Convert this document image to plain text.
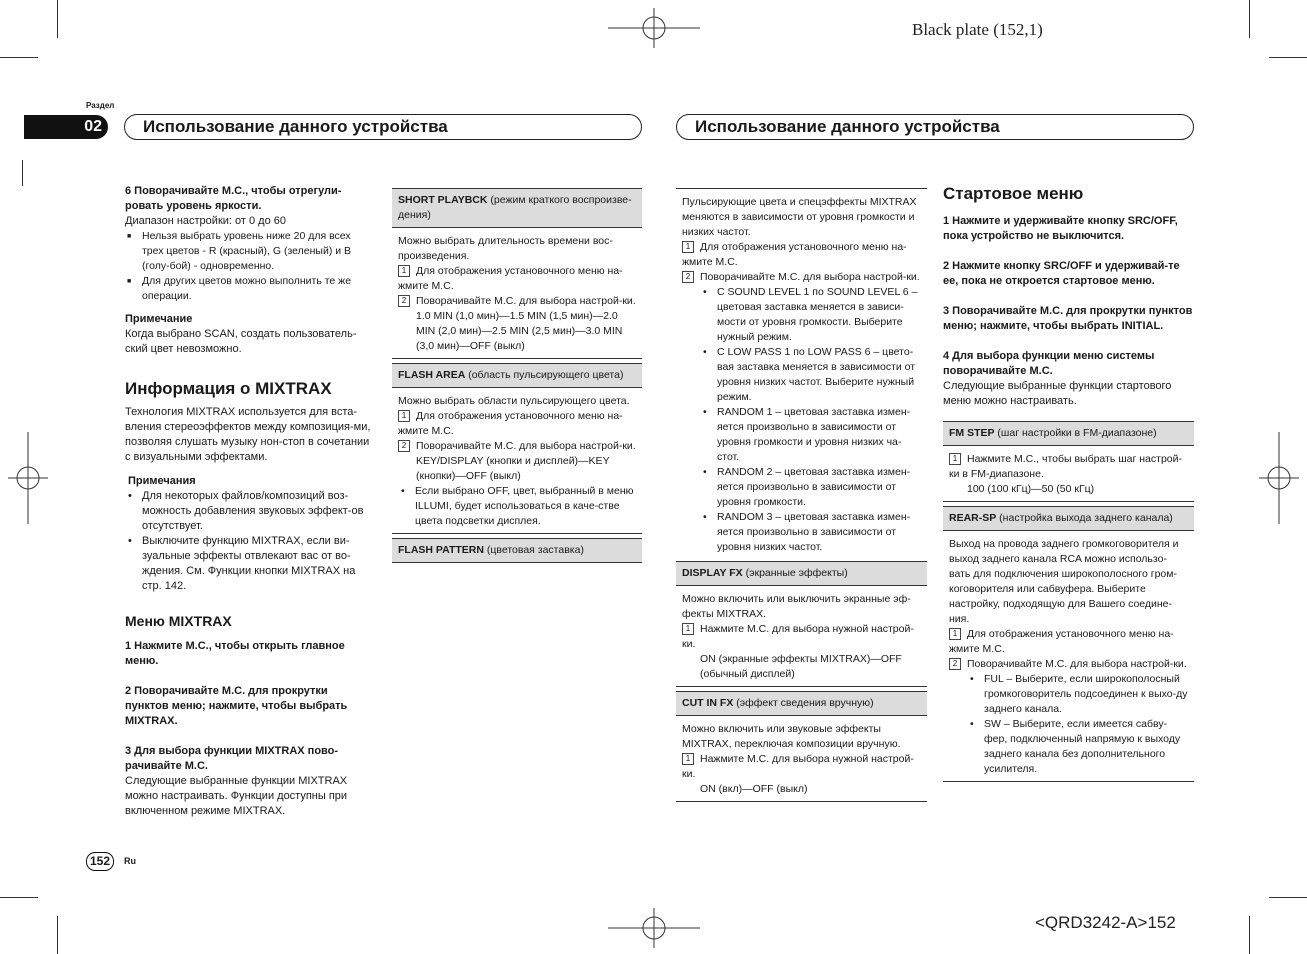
Black plate (152,1)
<QRD3242-A>152
Раздел
02	Использование данного устройства	Использование данного устройства

6 Поворачивайте M.C., чтобы отрегули-ровать уровень яркости.

Диапазон настройки: от 0 до 60

■ Нельзя выбрать уровень ниже 20 для всех трех цветов - R (красный), G (зеленый) и B (голу-бой) - одновременно.
■ Для других цветов можно выполнить те же операции.

Примечание

Когда выбрано SCAN, создать пользователь-ский цвет невозможно.

Информация о MIXTRAX

Технология MIXTRAX используется для вста-вления стереоэффектов между композиция-ми, позволяя слушать музыку нон-стоп в сочетании с визуальными эффектами.

Примечания

• Для некоторых файлов/композиций воз-можность добавления звуковых эффект-ов отсутствует.
• Выключите функцию MIXTRAX, если ви-зуальные эффекты отвлекают вас от во-ждения. См. Функции кнопки MIXTRAX на стр. 142.

Меню MIXTRAX

1 Нажмите M.C., чтобы открыть главное меню.

2 Поворачивайте M.C. для прокрутки пунктов меню; нажмите, чтобы выбрать MIXTRAX.

3 Для выбора функции MIXTRAX пово-рачивайте M.C.

Следующие выбранные функции MIXTRAX можно настраивать. Функции доступны при включенном режиме MIXTRAX.

SHORT PLAYBCK (режим краткого воспроизве-дения)

Можно выбрать длительность времени вос-произведения.

1 Для отображения установочного меню на-жмите M.C.

2 Поворачивайте M.C. для выбора настрой-ки.

1.0 MIN (1,0 мин)—1.5 MIN (1,5 мин)—2.0 MIN (2,0 мин)—2.5 MIN (2,5 мин)—3.0 MIN (3,0 мин)—OFF (выкл)

FLASH AREA (область пульсирующего цвета)

Можно выбрать области пульсирующего цвета.

1 Для отображения установочного меню на-жмите M.C.

2 Поворачивайте M.C. для выбора настрой-ки.

KEY/DISPLAY (кнопки и дисплей)—KEY (кнопки)—OFF (выкл)

• Если выбрано OFF, цвет, выбранный в меню ILLUMI, будет использоваться в каче-стве цвета подсветки дисплея.
FLASH PATTERN (цветовая заставка)

Пульсирующие цвета и спецэффекты MIXTRAX меняются в зависимости от уровня громкости и низких частот.

1 Для отображения установочного меню на-жмите M.C.

2 Поворачивайте M.C. для выбора настрой-ки.

• С SOUND LEVEL 1 по SOUND LEVEL 6 – цветовая заставка меняется в зависи-мости от уровня громкости. Выберите нужный режим.
• С LOW PASS 1 по LOW PASS 6 – цвето-вая заставка меняется в зависимости от уровня низких частот. Выберите нужный режим.
• RANDOM 1 – цветовая заставка измен-яется произвольно в зависимости от уровня громкости и уровня низких ча-стот.
• RANDOM 2 – цветовая заставка измен-яется произвольно в зависимости от уровня громкости.
• RANDOM 3 – цветовая заставка измен-яется произвольно в зависимости от уровня низких частот.
DISPLAY FX (экранные эффекты)

Можно включить или выключить экранные эф-фекты MIXTRAX.

1 Нажмите M.C. для выбора нужной настрой-ки.

ON (экранные эффекты MIXTRAX)—OFF (обычный дисплей)

CUT IN FX (эффект сведения вручную)

Можно включить или звуковые эффекты MIXTRAX, переключая композиции вручную.

1 Нажмите M.C. для выбора нужной настрой-ки.

ON (вкл)—OFF (выкл)

Стартовое меню

1 Нажмите и удерживайте кнопку SRC/OFF, пока устройство не выключится.

2 Нажмите кнопку SRC/OFF и удерживай-те ее, пока не откроется стартовое меню.

3 Поворачивайте M.C. для прокрутки пунктов меню; нажмите, чтобы выбрать INITIAL.

4 Для выбора функции меню системы поворачивайте M.C.

Следующие выбранные функции стартового меню можно настраивать.

FM STEP (шаг настройки в FM-диапазоне)

1 Нажмите M.C., чтобы выбрать шаг настрой-ки в FM-диапазоне.

100 (100 кГц)—50 (50 кГц)

REAR-SP (настройка выхода заднего канала)

Выход на провода заднего громкоговорителя и выход заднего канала RCA можно использо-вать для подключения широкополосного гром-коговорителя или сабвуфера. Выберите настройку, подходящую для Вашего соедине-ния.

1 Для отображения установочного меню на-жмите M.C.

2 Поворачивайте M.C. для выбора настрой-ки.

• FUL – Выберите, если широкополосный громкоговоритель подсоединен к выхо-ду заднего канала.
• SW – Выберите, если имеется сабву-фер, подключенный напрямую к выходу заднего канала без дополнительного усилителя.
152	Ru
